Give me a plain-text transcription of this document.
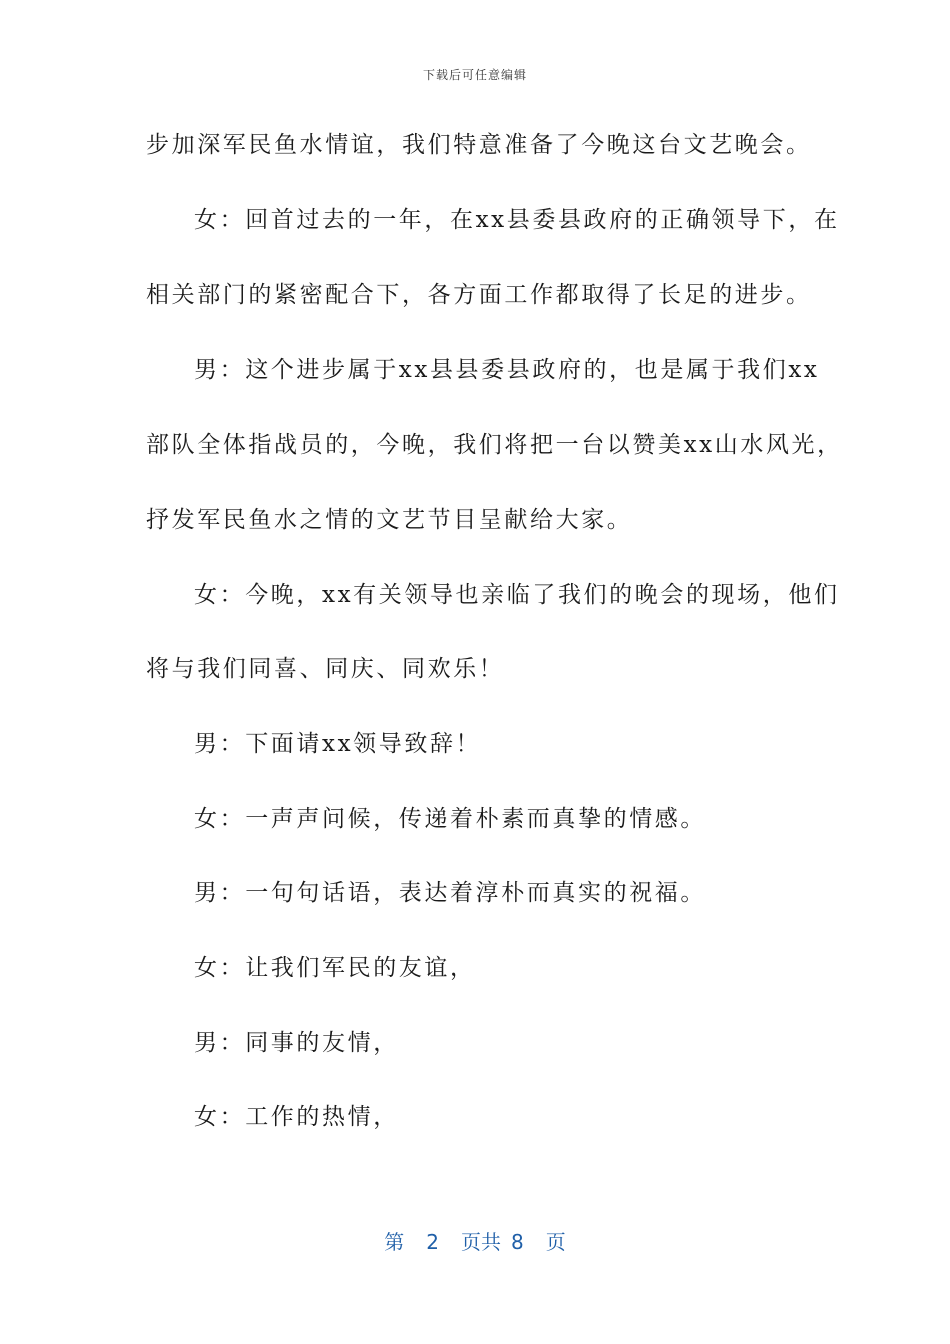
下载后可任意编辑
步加深军民鱼水情谊，我们特意准备了今晚这台文艺晚会。
女：回首过去的一年，在xx县委县政府的正确领导下，在
相关部门的紧密配合下，各方面工作都取得了长足的进步。
男：这个进步属于xx县县委县政府的，也是属于我们xx
部队全体指战员的，今晚，我们将把一台以赞美xx山水风光，
抒发军民鱼水之情的文艺节目呈献给大家。
女：今晚，xx有关领导也亲临了我们的晚会的现场，他们
将与我们同喜、同庆、同欢乐！
男：下面请xx领导致辞！
女：一声声问候，传递着朴素而真挚的情感。
男：一句句话语，表达着淳朴而真实的祝福。
女：让我们军民的友谊，
男：同事的友情，
女：工作的热情，
第 2 页共 8 页
